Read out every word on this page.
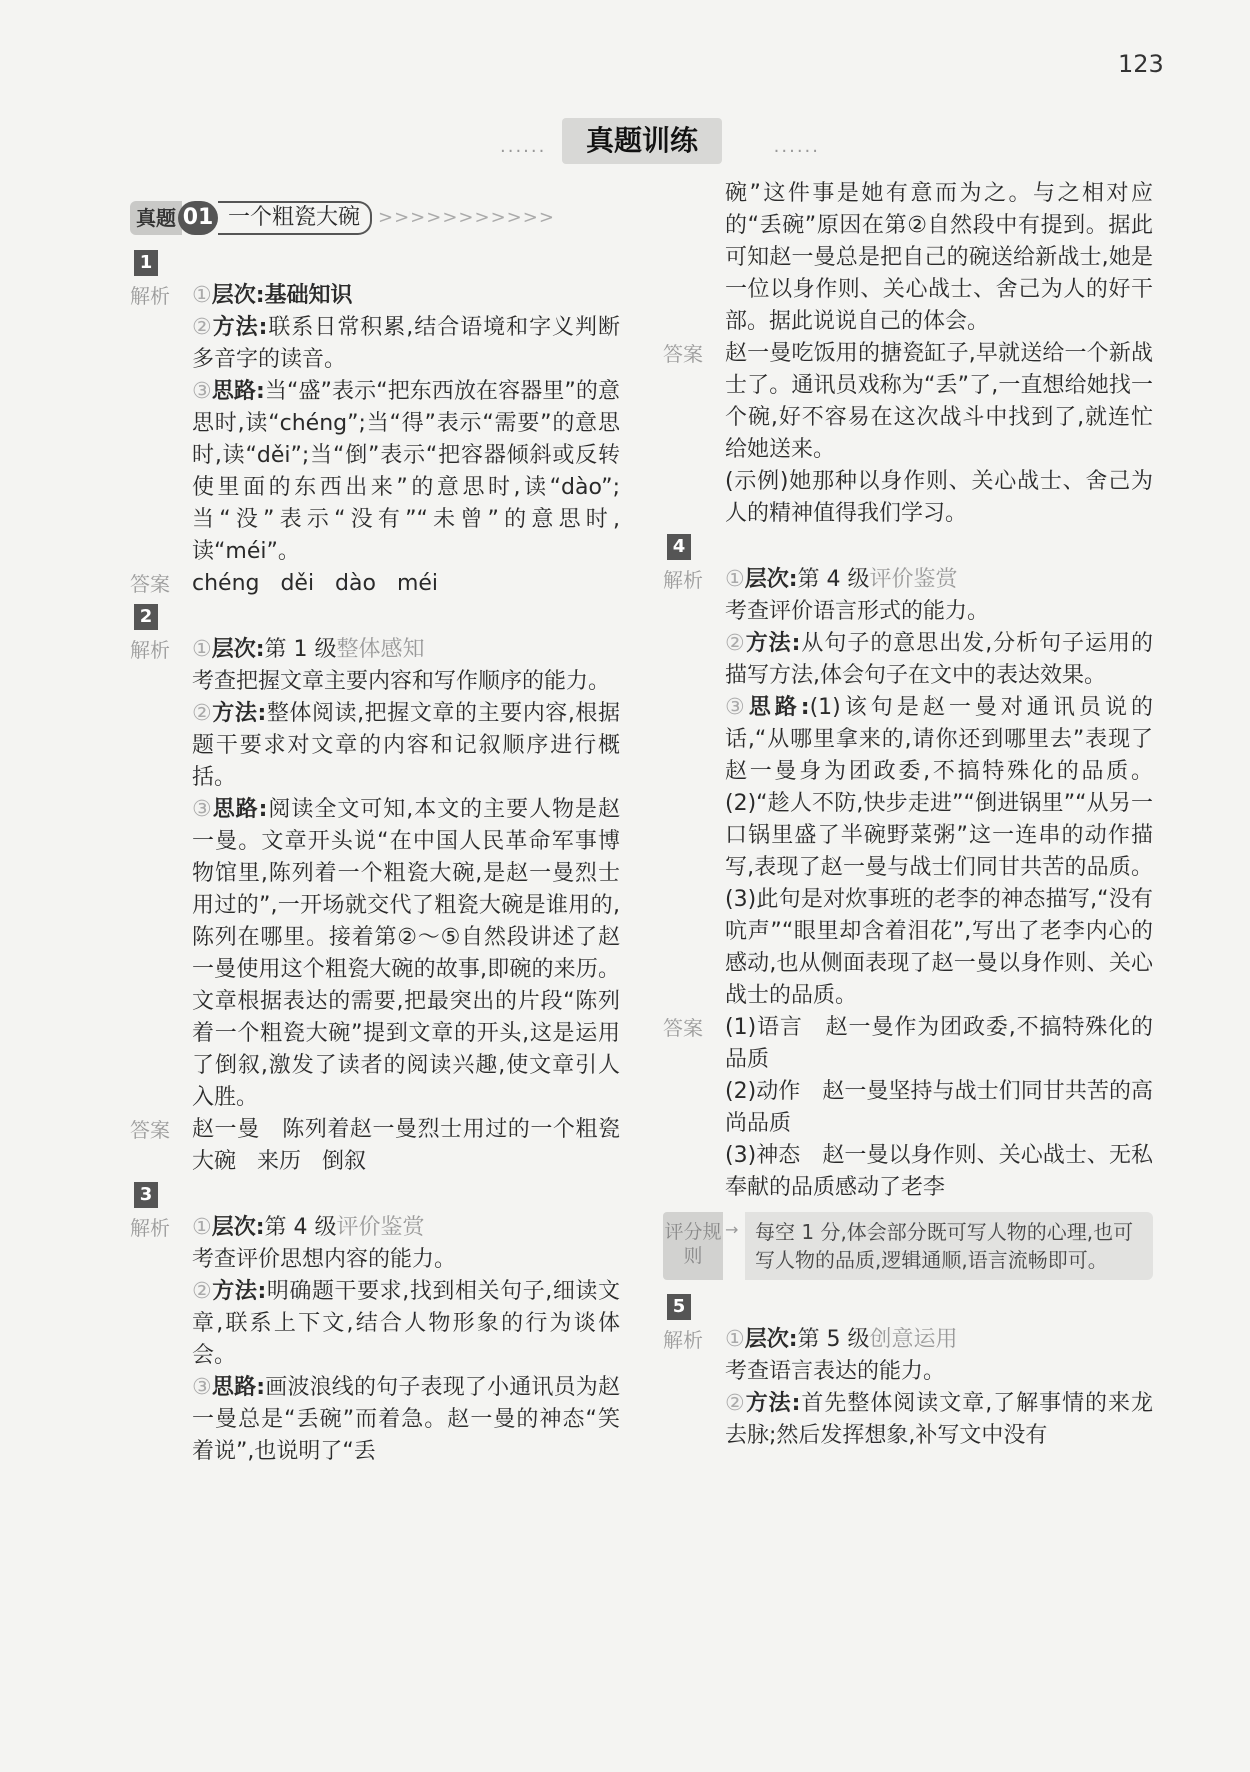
123
......	真题训练	......
真题 01 一个粗瓷大碗	>>>>>>>>>>>
1
解析	①层次:基础知识
②方法:联系日常积累,结合语境和字义判断多音字的读音。
③思路:当“盛”表示“把东西放在容器里”的意思时,读“chéng”;当“得”表示“需要”的意思时,读“děi”;当“倒”表示“把容器倾斜或反转使里面的东西出来”的意思时,读“dào”;当“没”表示“没有”“未曾”的意思时,读“méi”。
答案	chéng   děi   dào   méi
2
解析	①层次:第 1 级整体感知
考查把握文章主要内容和写作顺序的能力。
②方法:整体阅读,把握文章的主要内容,根据题干要求对文章的内容和记叙顺序进行概括。
③思路:阅读全文可知,本文的主要人物是赵一曼。文章开头说“在中国人民革命军事博物馆里,陈列着一个粗瓷大碗,是赵一曼烈士用过的”,一开场就交代了粗瓷大碗是谁用的,陈列在哪里。接着第②～⑤自然段讲述了赵一曼使用这个粗瓷大碗的故事,即碗的来历。文章根据表达的需要,把最突出的片段“陈列着一个粗瓷大碗”提到文章的开头,这是运用了倒叙,激发了读者的阅读兴趣,使文章引人入胜。
答案	赵一曼   陈列着赵一曼烈士用过的一个粗瓷大碗   来历   倒叙
3
解析	①层次:第 4 级评价鉴赏
考查评价思想内容的能力。
②方法:明确题干要求,找到相关句子,细读文章,联系上下文,结合人物形象的行为谈体会。
③思路:画波浪线的句子表现了小通讯员为赵一曼总是“丢碗”而着急。赵一曼的神态“笑着说”,也说明了“丢
碗”这件事是她有意而为之。与之相对应的“丢碗”原因在第②自然段中有提到。据此可知赵一曼总是把自己的碗送给新战士,她是一位以身作则、关心战士、舍己为人的好干部。据此说说自己的体会。
答案	赵一曼吃饭用的搪瓷缸子,早就送给一个新战士了。通讯员戏称为“丢”了,一直想给她找一个碗,好不容易在这次战斗中找到了,就连忙给她送来。
(示例)她那种以身作则、关心战士、舍己为人的精神值得我们学习。
4
解析	①层次:第 4 级评价鉴赏
考查评价语言形式的能力。
②方法:从句子的意思出发,分析句子运用的描写方法,体会句子在文中的表达效果。
③思路:(1)该句是赵一曼对通讯员说的话,“从哪里拿来的,请你还到哪里去”表现了赵一曼身为团政委,不搞特殊化的品质。(2)“趁人不防,快步走进”“倒进锅里”“从另一口锅里盛了半碗野菜粥”这一连串的动作描写,表现了赵一曼与战士们同甘共苦的品质。(3)此句是对炊事班的老李的神态描写,“没有吭声”“眼里却含着泪花”,写出了老李内心的感动,也从侧面表现了赵一曼以身作则、关心战士的品质。
答案	(1)语言　赵一曼作为团政委,不搞特殊化的品质
(2)动作　赵一曼坚持与战士们同甘共苦的高尚品质
(3)神态　赵一曼以身作则、关心战士、无私奉献的品质感动了老李
评分规则
→ 每空 1 分,体会部分既可写人物的心理,也可写人物的品质,逻辑通顺,语言流畅即可。
5
解析	①层次:第 5 级创意运用
考查语言表达的能力。
②方法:首先整体阅读文章,了解事情的来龙去脉;然后发挥想象,补写文中没有
